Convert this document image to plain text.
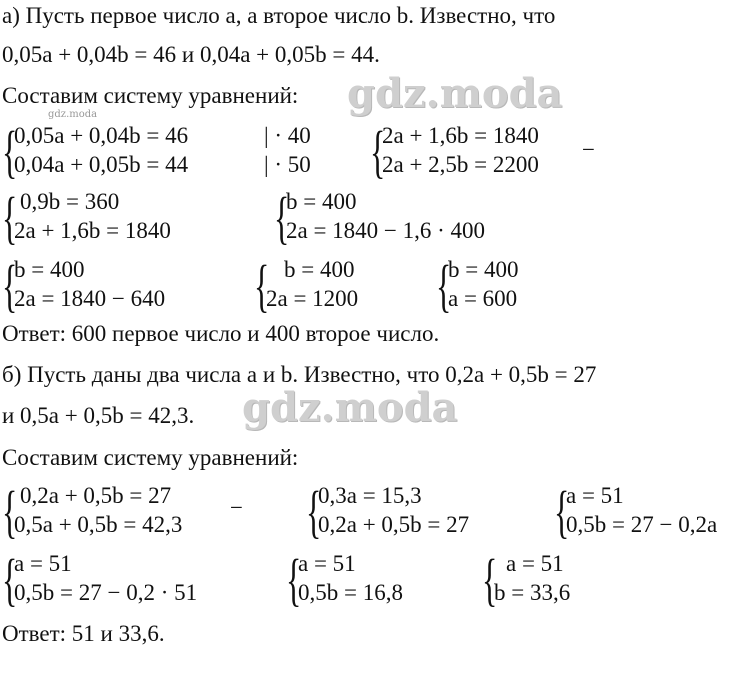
а) Пусть первое число a, а второе число b. Известно, что
0,05a + 0,04b = 46 и 0,04a + 0,05b = 44.
Составим систему уравнений: gdz.moda
gdz.moda
{
0,05a + 0,04b = 46
0,04a + 0,05b = 44
| · 40
| · 50 {
2a + 1,6b = 1840
2a + 2,5b = 2200
−
{ 0,9b = 360
2a + 1,6b = 1840 {
b = 400
2a = 1840 − 1,6 · 400
{
b = 400
2a = 1840 − 640 { b = 400
2a = 1200 {
b = 400
a = 600
Ответ: 600 первое число и 400 второе число.
б) Пусть даны два числа a и b. Известно, что 0,2a + 0,5b = 27
и 0,5a + 0,5b = 42,3. gdz.moda
Составим систему уравнений:
{ 0,2a + 0,5b = 27
0,5a + 0,5b = 42,3
− {
0,3a = 15,3
0,2a + 0,5b = 27 {
a = 51
0,5b = 27 − 0,2a
{
a = 51
0,5b = 27 − 0,2 · 51 {
a = 51
0,5b = 16,8 { a = 51
b = 33,6
Ответ: 51 и 33,6.
